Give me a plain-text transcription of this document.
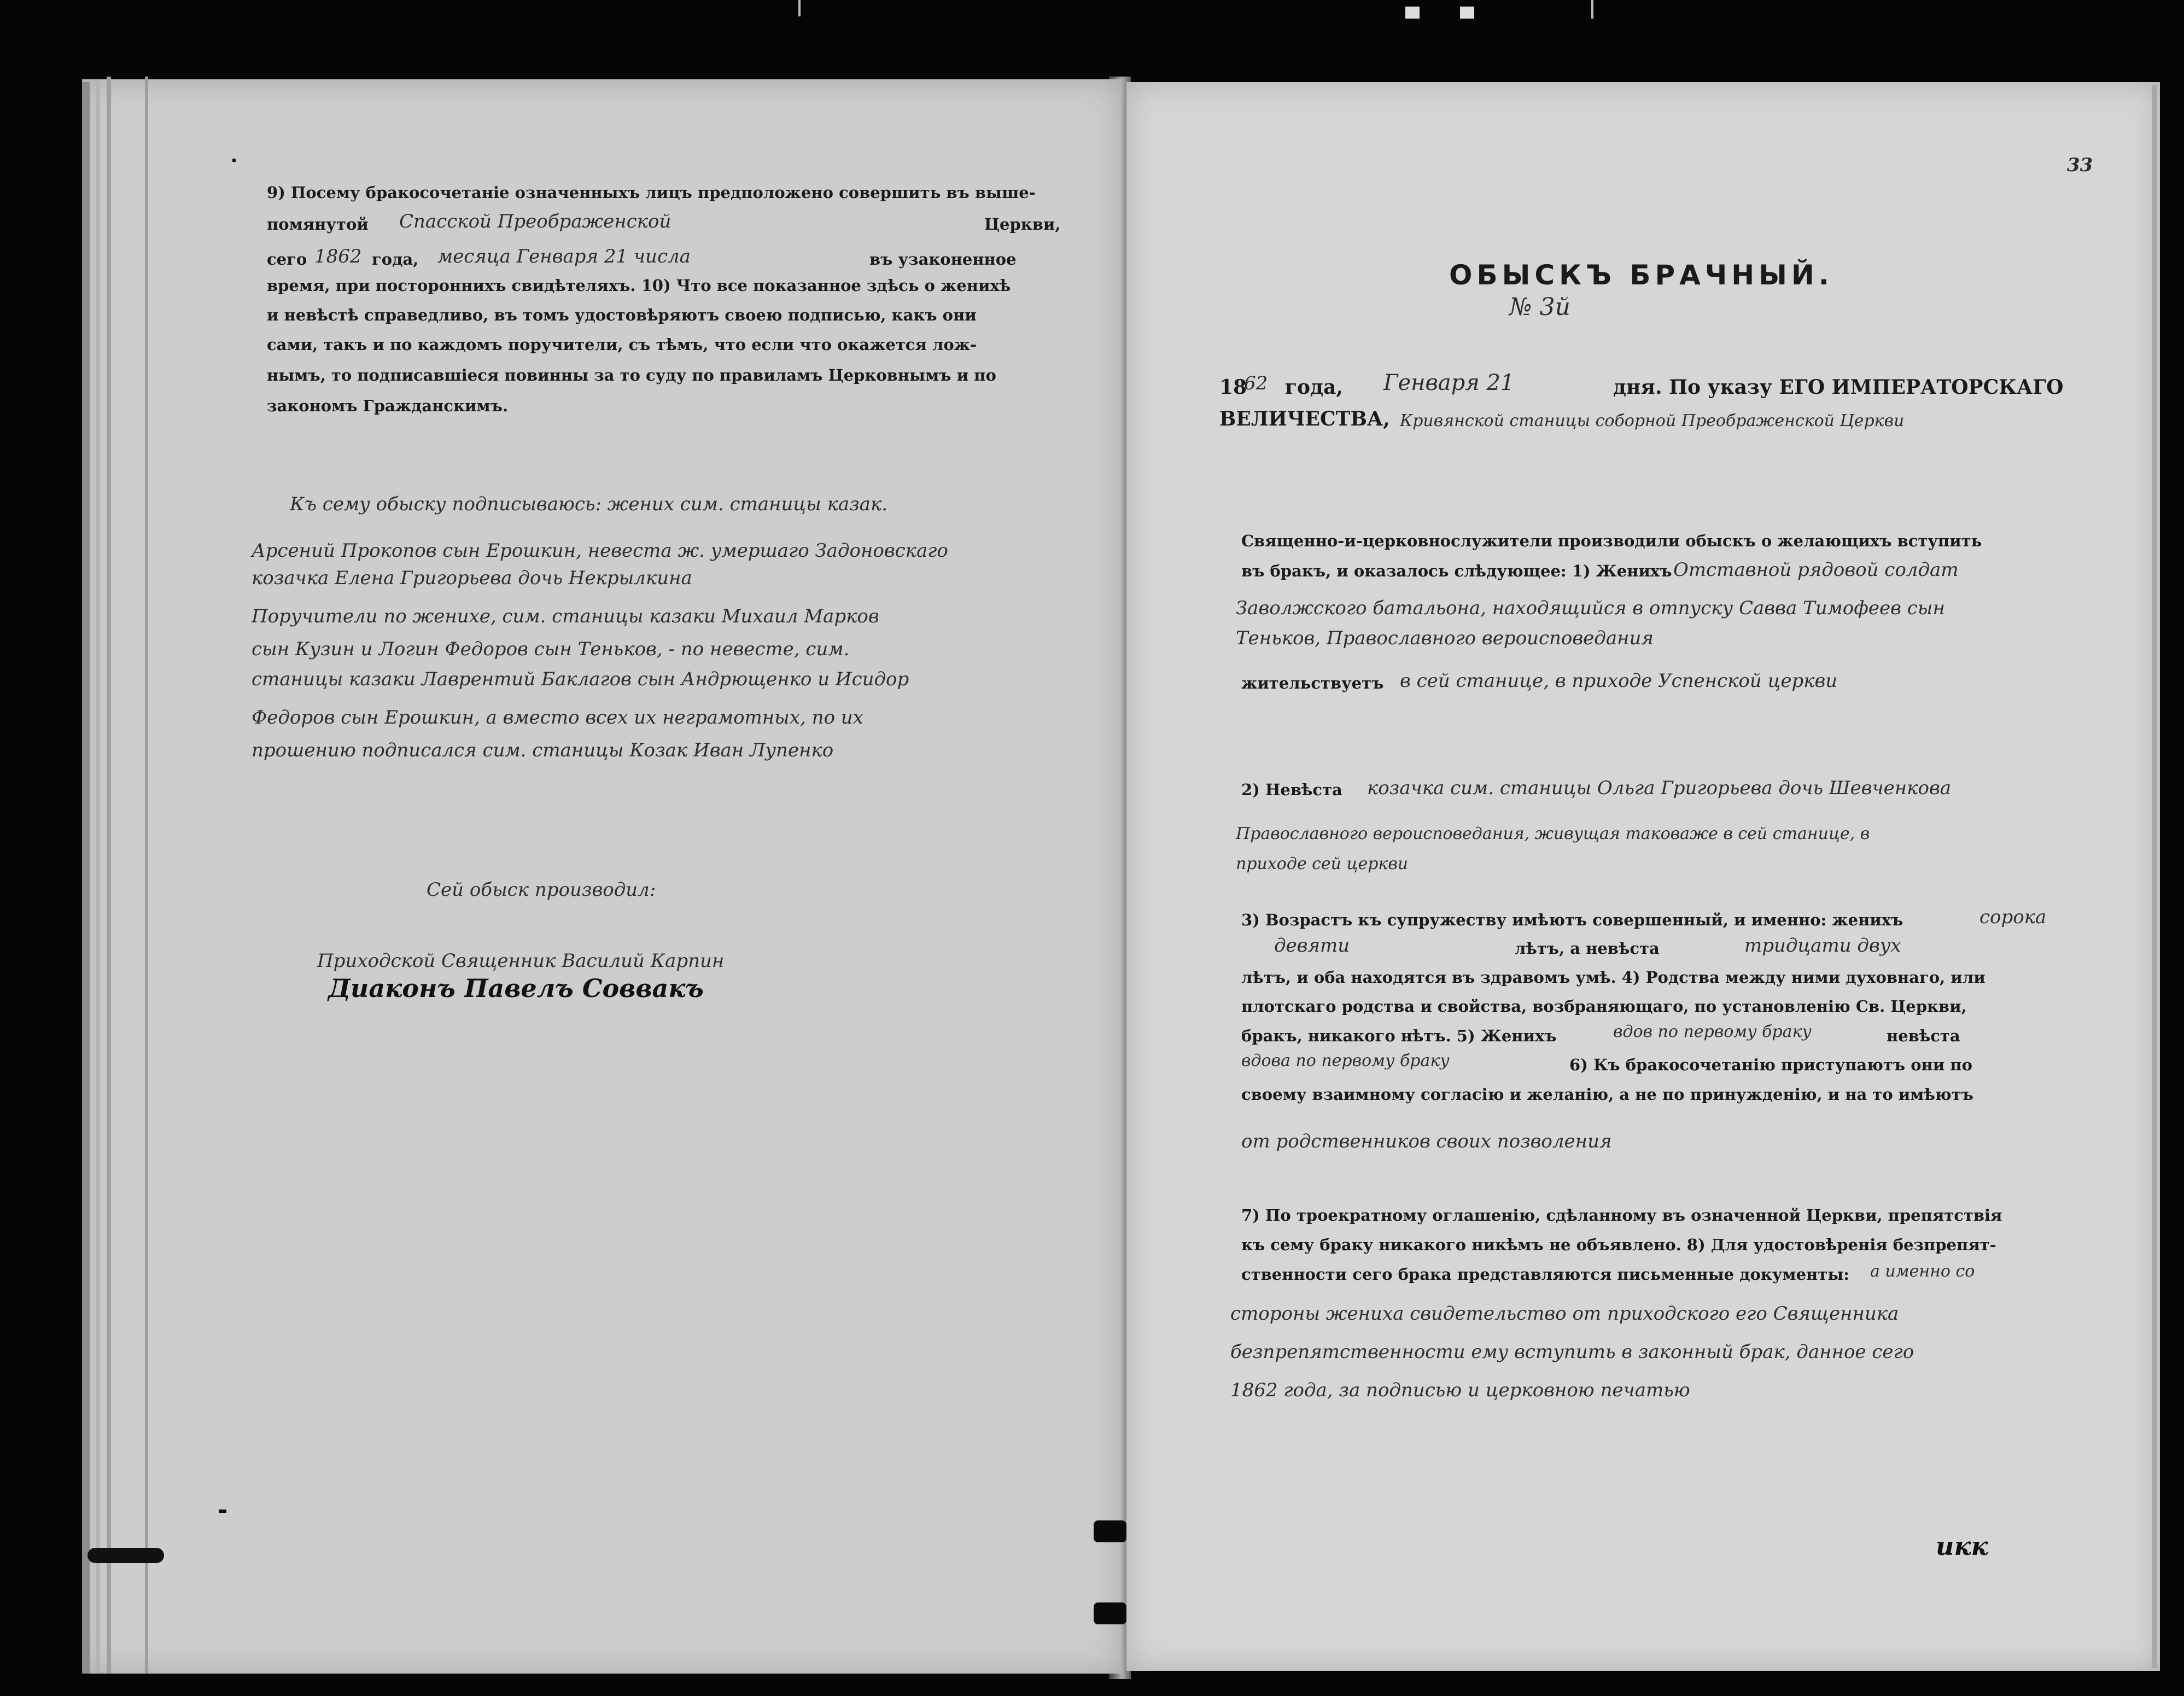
9) Посему бракосочетаніе означенныхъ лицъ предположено совершить въ выше-
помянутой Спасской Преображенской	Церкви,
сего 1862 года, месяца Генваря 21 числа	въ узаконенное
время, при постороннихъ свидѣтеляхъ. 10) Что все показанное здѣсь о женихѣ
и невѣстѣ справедливо, въ томъ удостовѣряютъ своею подписью, какъ они
сами, такъ и по каждомъ поручители, съ тѣмъ, что если что окажется лож-
нымъ, то подписавшіеся повинны за то суду по правиламъ Церковнымъ и по
закономъ Гражданскимъ.
Къ сему обыску подписываюсь: жених сим. станицы казак.
Арсений Прокопов сын Ерошкин, невеста ж. умершаго Задоновскаго
козачка Елена Григорьева дочь Некрылкина
Поручители по женихе, сим. станицы казаки Михаил Марков
сын Кузин и Логин Федоров сын Теньков, - по невесте, сим.
станицы казаки Лаврентий Баклагов сын Андрющенко и Исидор
Федоров сын Ерошкин, а вместо всех их неграмотных, по их
прошению подписался сим. станицы Козак Иван Лупенко
Сей обыск производил:
Приходской Священник Василий Карпин
Диаконъ Павелъ Соввакъ
33
ОБЫСКЪ БРАЧНЫЙ.
№ 3й
18
62 года, Генваря 21	дня. По указу ЕГО ИМПЕРАТОРСКАГО
ВЕЛИЧЕСТВА, Кривянской станицы соборной Преображенской Церкви
Священно-и-церковнослужители производили обыскъ о желающихъ вступить
въ бракъ, и оказалось слѣдующее: 1) Женихъ Отставной рядовой солдат
Заволжского батальона, находящийся в отпуску Савва Тимофеев сын
Теньков, Православного вероисповедания
жительствуетъ в сей станице, в приходе Успенской церкви
2) Невѣста козачка сим. станицы Ольга Григорьева дочь Шевченкова
Православного вероисповедания, живущая таковаже в сей станице, в
приходе сей церкви
3) Возрастъ къ супружеству имѣютъ совершенный, и именно: женихъ	сорока
девяти	лѣтъ, а невѣста	тридцати двух
лѣтъ, и оба находятся въ здравомъ умѣ. 4) Родства между ними духовнаго, или
плотскаго родства и свойства, возбраняющаго, по установленію Св. Церкви,
бракъ, никакого нѣтъ. 5) Женихъ	вдов по первому браку	невѣста
вдова по первому браку	6) Къ бракосочетанію приступаютъ они по
своему взаимному согласію и желанію, а не по принужденію, и на то имѣютъ
от родственников своих позволения
7) По троекратному оглашенію, сдѣланному въ означенной Церкви, препятствія
къ сему браку никакого никѣмъ не объявлено. 8) Для удостовѣренія безпрепят-
ственности сего брака представляются письменные документы: а именно со
стороны жениха свидетельство от приходского его Священника
безпрепятственности ему вступить в законный брак, данное сего
1862 года, за подписью и церковною печатью
икк
